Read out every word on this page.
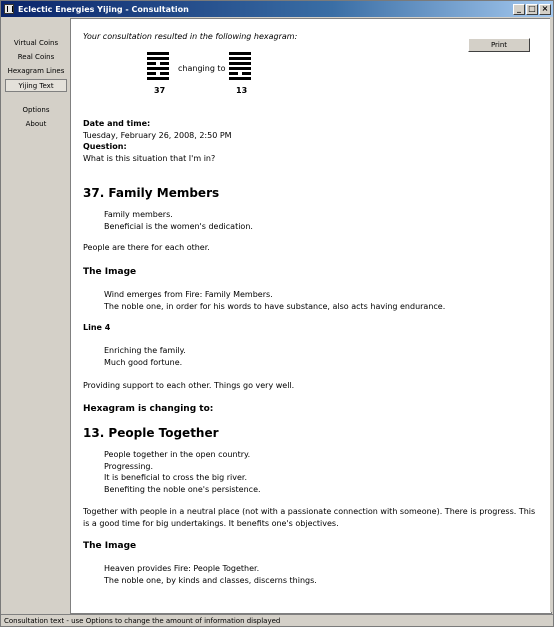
Eclectic Energies Yijing - Consultation	_ □ ×
Virtual Coins
Real Coins
Hexagram Lines
Yijing Text
Options
About
Your consultation resulted in the following hexagram:
Print
changing to
37	13
Date and time:
Tuesday, February 26, 2008, 2:50 PM
Question:
What is this situation that I'm in?
37. Family Members
Family members.
Beneficial is the women's dedication.

People are there for each other.

The Image
Wind emerges from Fire: Family Members.
The noble one, in order for his words to have substance, also acts having endurance.
Line 4
Enriching the family.
Much good fortune.

Providing support to each other. Things go very well.

Hexagram is changing to:
13. People Together
People together in the open country.
Progressing.
It is beneficial to cross the big river.
Benefiting the noble one's persistence.

Together with people in a neutral place (not with a passionate connection with someone). There is progress. This is a good time for big undertakings. It benefits one's objectives.

The Image
Heaven provides Fire: People Together.
The noble one, by kinds and classes, discerns things.
Consultation text - use Options to change the amount of information displayed
